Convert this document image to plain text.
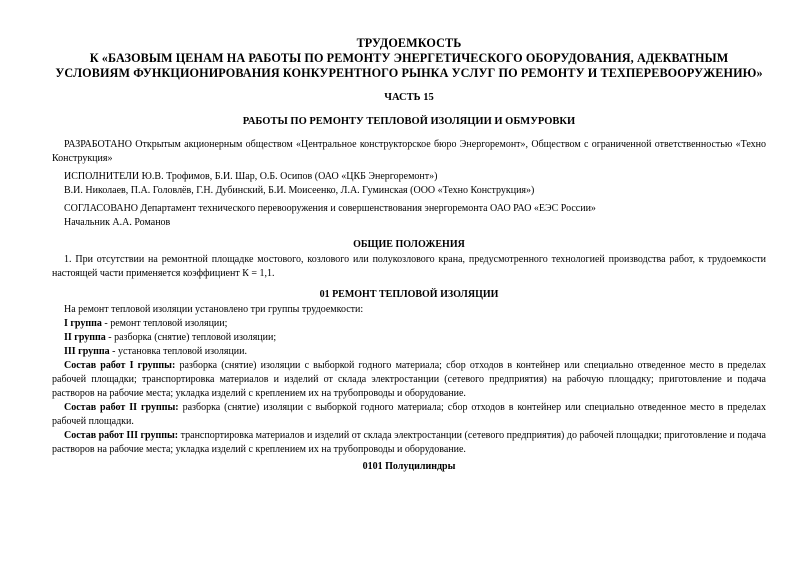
ТРУДОЕМКОСТЬ
К «БАЗОВЫМ ЦЕНАМ НА РАБОТЫ ПО РЕМОНТУ ЭНЕРГЕТИЧЕСКОГО ОБОРУДОВАНИЯ, АДЕКВАТНЫМ УСЛОВИЯМ ФУНКЦИОНИРОВАНИЯ КОНКУРЕНТНОГО РЫНКА УСЛУГ ПО РЕМОНТУ И ТЕХПЕРЕВООРУЖЕНИЮ»
ЧАСТЬ 15
РАБОТЫ ПО РЕМОНТУ ТЕПЛОВОЙ ИЗОЛЯЦИИ И ОБМУРОВКИ

РАЗРАБОТАНО Открытым акционерным обществом «Центральное конструкторское бюро Энергоремонт», Обществом с ограниченной ответственностью «Техно Конструкция»

ИСПОЛНИТЕЛИ Ю.В. Трофимов, Б.И. Шар, О.Б. Осипов (ОАО «ЦКБ Энергоремонт»)

В.И. Николаев, П.А. Головлёв, Г.Н. Дубинский, Б.И. Моисеенко, Л.А. Гуминская (ООО «Техно Конструкция»)

СОГЛАСОВАНО Департамент технического перевооружения и совершенствования энергоремонта ОАО РАО «ЕЭС России»

Начальник А.А. Романов

ОБЩИЕ ПОЛОЖЕНИЯ

1. При отсутствии на ремонтной площадке мостового, козлового или полукозлового крана, предусмотренного технологией производства работ, к трудоемкости настоящей части применяется коэффициент К = 1,1.

01 РЕМОНТ ТЕПЛОВОЙ ИЗОЛЯЦИИ

На ремонт тепловой изоляции установлено три группы трудоемкости:

I группа - ремонт тепловой изоляции;

II группа - разборка (снятие) тепловой изоляции;

III группа - установка тепловой изоляции.

Состав работ I группы: разборка (снятие) изоляции с выборкой годного материала; сбор отходов в контейнер или специально отведенное место в пределах рабочей площадки; транспортировка материалов и изделий от склада электростанции (сетевого предприятия) на рабочую площадку; приготовление и подача растворов на рабочие места; укладка изделий с креплением их на трубопроводы и оборудование.

Состав работ II группы: разборка (снятие) изоляции с выборкой годного материала; сбор отходов в контейнер или специально отведенное место в пределах рабочей площадки.

Состав работ III группы: транспортировка материалов и изделий от склада электростанции (сетевого предприятия) до рабочей площадки; приготовление и подача растворов на рабочие места; укладка изделий с креплением их на трубопроводы и оборудование.

0101 Полуцилиндры
